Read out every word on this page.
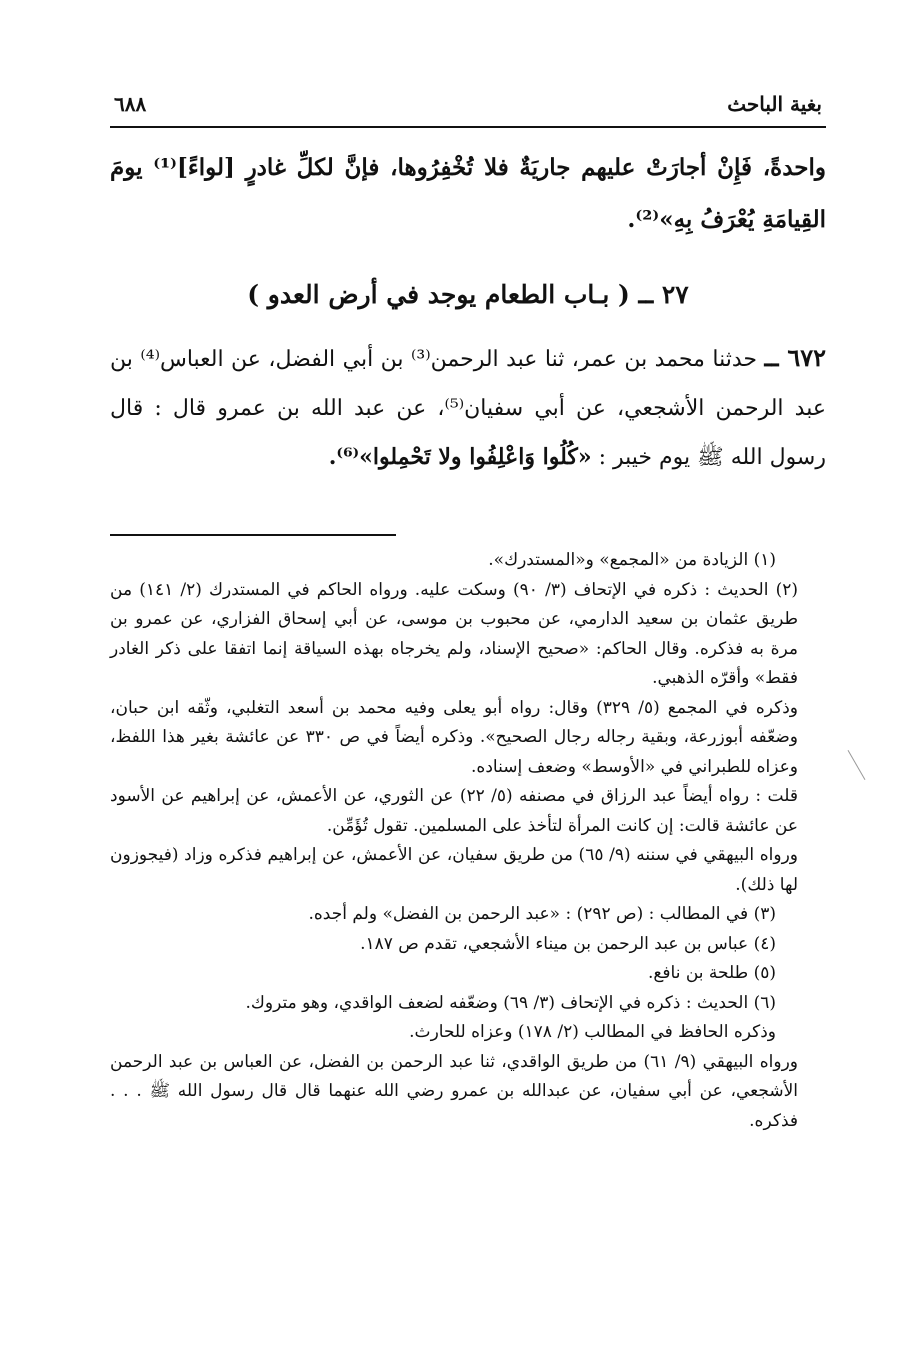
بغية الباحث
٦٨٨

واحدةً، فَإِنْ أجارَتْ عليهم جاريَةٌ فلا تُخْفِرُوها، فإنَّ لكلِّ غادرٍ [لواءً]⁽¹⁾ يومَ القِيامَةِ يُعْرَفُ بِهِ»⁽²⁾.

٢٧ ــ ( بـاب الطعام يوجد في أرض العدو )

٦٧٢ ــ حدثنا محمد بن عمر، ثنا عبد الرحمن⁽³⁾ بن أبي الفضل، عن العباس⁽⁴⁾ بن عبد الرحمن الأشجعي، عن أبي سفيان⁽⁵⁾، عن عبد الله بن عمرو قال : قال رسول الله ﷺ يوم خيبر : «كُلُوا وَاعْلِفُوا ولا تَحْمِلوا»⁽⁶⁾.

(١) الزيادة من «المجمع» و«المستدرك».

(٢) الحديث : ذكره في الإتحاف (٣/ ٩٠) وسكت عليه. ورواه الحاكم في المستدرك (٢/ ١٤١) من طريق عثمان بن سعيد الدارمي، عن محبوب بن موسى، عن أبي إسحاق الفزاري، عن عمرو بن مرة به فذكره. وقال الحاكم: «صحيح الإسناد، ولم يخرجاه بهذه السياقة إنما اتفقا على ذكر الغادر فقط» وأقرّه الذهبي.

وذكره في المجمع (٥/ ٣٢٩) وقال: رواه أبو يعلى وفيه محمد بن أسعد التغلبي، وثّقه ابن حبان، وضعّفه أبوزرعة، وبقية رجاله رجال الصحيح». وذكره أيضاً في ص ٣٣٠ عن عائشة بغير هذا اللفظ، وعزاه للطبراني في «الأوسط» وضعف إسناده.

قلت : رواه أيضاً عبد الرزاق في مصنفه (٥/ ٢٢) عن الثوري، عن الأعمش، عن إبراهيم عن الأسود عن عائشة قالت: إن كانت المرأة لتأخذ على المسلمين. تقول تُؤَمِّن.

ورواه البيهقي في سننه (٩/ ٦٥) من طريق سفيان، عن الأعمش، عن إبراهيم فذكره وزاد (فيجوزون لها ذلك).

(٣) في المطالب : (ص ٢٩٢) : «عبد الرحمن بن الفضل» ولم أجده.

(٤) عباس بن عبد الرحمن بن ميناء الأشجعي، تقدم ص ١٨٧.

(٥) طلحة بن نافع.

(٦) الحديث : ذكره في الإتحاف (٣/ ٦٩) وضعّفه لضعف الواقدي، وهو متروك.

وذكره الحافظ في المطالب (٢/ ١٧٨) وعزاه للحارث.

ورواه البيهقي (٩/ ٦١) من طريق الواقدي، ثنا عبد الرحمن بن الفضل، عن العباس بن عبد الرحمن الأشجعي، عن أبي سفيان، عن عبدالله بن عمرو رضي الله عنهما قال قال رسول الله ﷺ . . . فذكره.
